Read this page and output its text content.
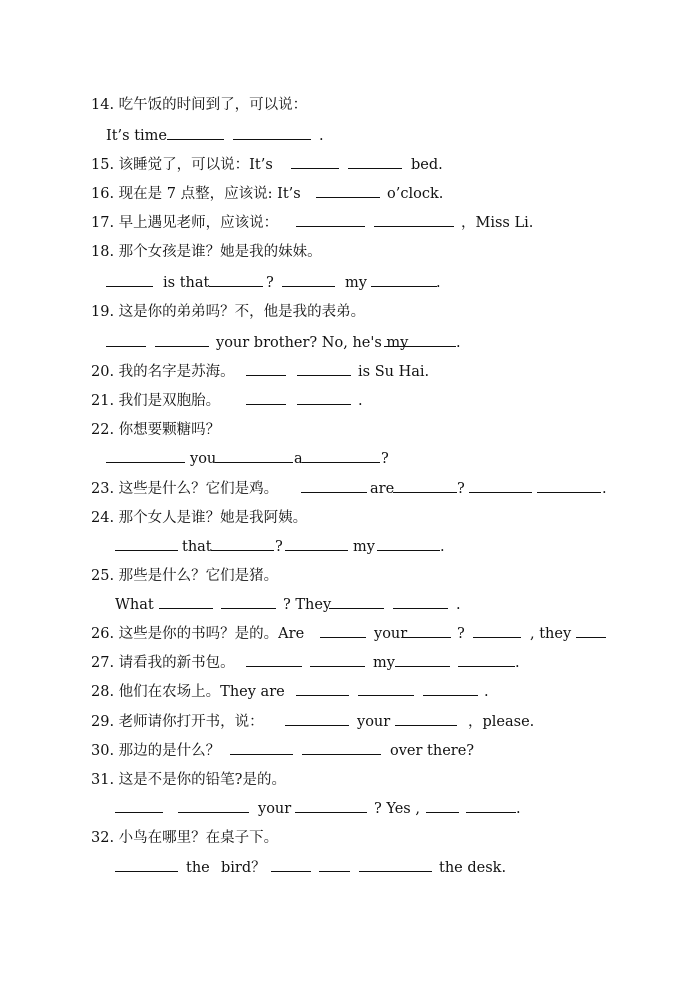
14. 吃午饭的时间到了，可以说：
It’s time	.
15. 该睡觉了，可以说：It’s	bed.
16. 现在是 7 点整，应该说: It’s	o’clock.
17. 早上遇见老师，应该说：	，Miss Li.
18. 那个女孩是谁？她是我的妹妹。
is that	?	my	.
19. 这是你的弟弟吗？不，他是我的表弟。
your brother? No, he's my	.
20. 我的名字是苏海。	is Su Hai.
21. 我们是双胞胎。	.
22. 你想要颗糖吗？
you	a	?
23. 这些是什么？它们是鸡。	are	?	.
24. 那个女人是谁？她是我阿姨。
that	?	my	.
25. 那些是什么？它们是猪。
What	? They	.
26. 这些是你的书吗？是的。Are	your	?	, they
27. 请看我的新书包。	my	.
28. 他们在农场上。They are	.
29. 老师请你打开书，说：	your	，please.
30. 那边的是什么？	over there?
31. 这是不是你的铅笔?是的。
your	? Yes ,	.
32. 小鸟在哪里？在桌子下。
the bird？	the desk.
